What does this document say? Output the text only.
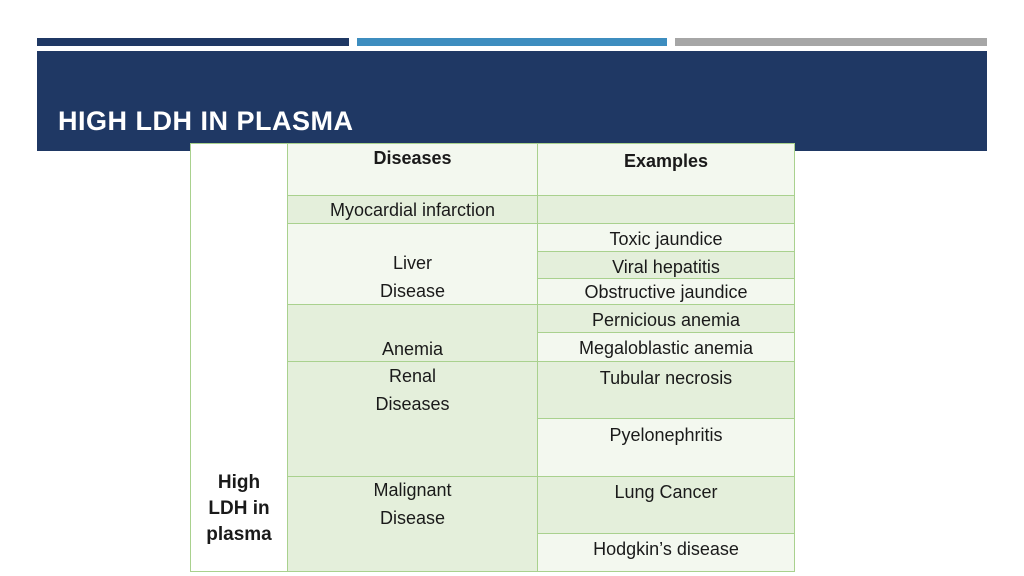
HIGH LDH IN PLASMA
High
LDH in
plasma
Diseases	Examples
Myocardial infarction
Liver
Disease
Toxic jaundice
Viral hepatitis
Obstructive jaundice
Anemia
Renal
Diseases
Pernicious anemia
Megaloblastic anemia
Tubular necrosis
Pyelonephritis
Malignant
Disease
Lung Cancer
Hodgkin’s disease
